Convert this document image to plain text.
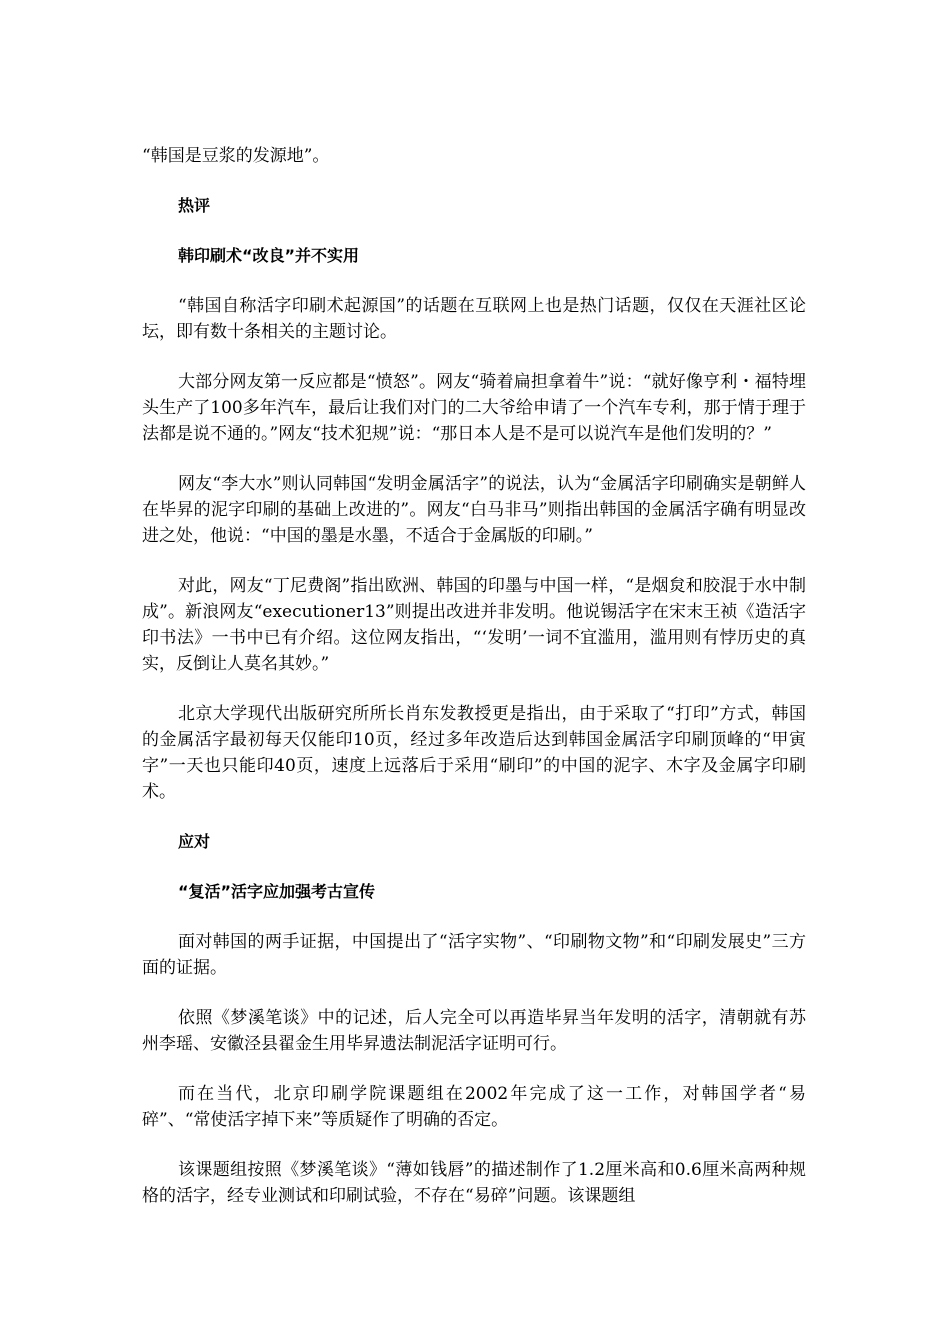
“韩国是豆浆的发源地”。

热评

韩印刷术“改良”并不实用

“韩国自称活字印刷术起源国”的话题在互联网上也是热门话题，仅仅在天涯社区论坛，即有数十条相关的主题讨论。

大部分网友第一反应都是“愤怒”。网友“骑着扁担拿着牛”说：“就好像亨利・福特埋头生产了100多年汽车，最后让我们对门的二大爷给申请了一个汽车专利，那于情于理于法都是说不通的。”网友“技术犯规”说：“那日本人是不是可以说汽车是他们发明的？”

网友“李大水”则认同韩国“发明金属活字”的说法，认为“金属活字印刷确实是朝鲜人在毕昇的泥字印刷的基础上改进的”。网友“白马非马”则指出韩国的金属活字确有明显改进之处，他说：“中国的墨是水墨，不适合于金属版的印刷。”

对此，网友“丁尼费阁”指出欧洲、韩国的印墨与中国一样，“是烟炱和胶混于水中制成”。新浪网友“executioner13”则提出改进并非发明。他说锡活字在宋末王祯《造活字印书法》一书中已有介绍。这位网友指出，“‘发明’一词不宜滥用，滥用则有悖历史的真实，反倒让人莫名其妙。”

北京大学现代出版研究所所长肖东发教授更是指出，由于采取了“打印”方式，韩国的金属活字最初每天仅能印10页，经过多年改造后达到韩国金属活字印刷顶峰的“甲寅字”一天也只能印40页，速度上远落后于采用“刷印”的中国的泥字、木字及金属字印刷术。

应对

“复活”活字应加强考古宣传

面对韩国的两手证据，中国提出了“活字实物”、“印刷物文物”和“印刷发展史”三方面的证据。

依照《梦溪笔谈》中的记述，后人完全可以再造毕昇当年发明的活字，清朝就有苏州李瑶、安徽泾县翟金生用毕昇遗法制泥活字证明可行。

而在当代，北京印刷学院课题组在2002年完成了这一工作，对韩国学者“易碎”、“常使活字掉下来”等质疑作了明确的否定。

该课题组按照《梦溪笔谈》“薄如钱唇”的描述制作了1.2厘米高和0.6厘米高两种规格的活字，经专业测试和印刷试验，不存在“易碎”问题。该课题组
